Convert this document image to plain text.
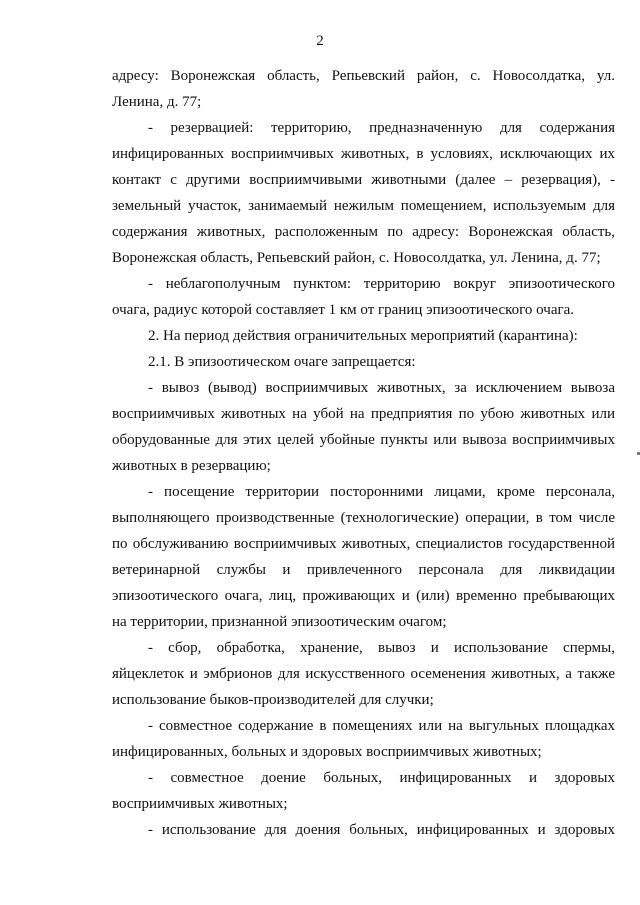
2
адресу: Воронежская область, Репьевский район, с. Новосолдатка, ул.
Ленина, д. 77;
- резервацией: территорию, предназначенную для содержания
инфицированных восприимчивых животных, в условиях, исключающих их
контакт с другими восприимчивыми животными (далее – резервация), -
земельный участок, занимаемый нежилым помещением, используемым для
содержания животных, расположенным по адресу: Воронежская область,
Воронежская область, Репьевский район, с. Новосолдатка, ул. Ленина, д. 77;
- неблагополучным пунктом: территорию вокруг эпизоотического
очага, радиус которой составляет 1 км от границ эпизоотического очага.
2. На период действия ограничительных мероприятий (карантина):
2.1. В эпизоотическом очаге запрещается:
- вывоз (вывод) восприимчивых животных, за исключением вывоза
восприимчивых животных на убой на предприятия по убою животных или
оборудованные для этих целей убойные пункты или вывоза восприимчивых
животных в резервацию;
- посещение территории посторонними лицами, кроме персонала,
выполняющего производственные (технологические) операции, в том числе
по обслуживанию восприимчивых животных, специалистов государственной
ветеринарной службы и привлеченного персонала для ликвидации
эпизоотического очага, лиц, проживающих и (или) временно пребывающих
на территории, признанной эпизоотическим очагом;
- сбор, обработка, хранение, вывоз и использование спермы,
яйцеклеток и эмбрионов для искусственного осеменения животных, а также
использование быков-производителей для случки;
- совместное содержание в помещениях или на выгульных площадках
инфицированных, больных и здоровых восприимчивых животных;
- совместное доение больных, инфицированных и здоровых
восприимчивых животных;
- использование для доения больных, инфицированных и здоровых
